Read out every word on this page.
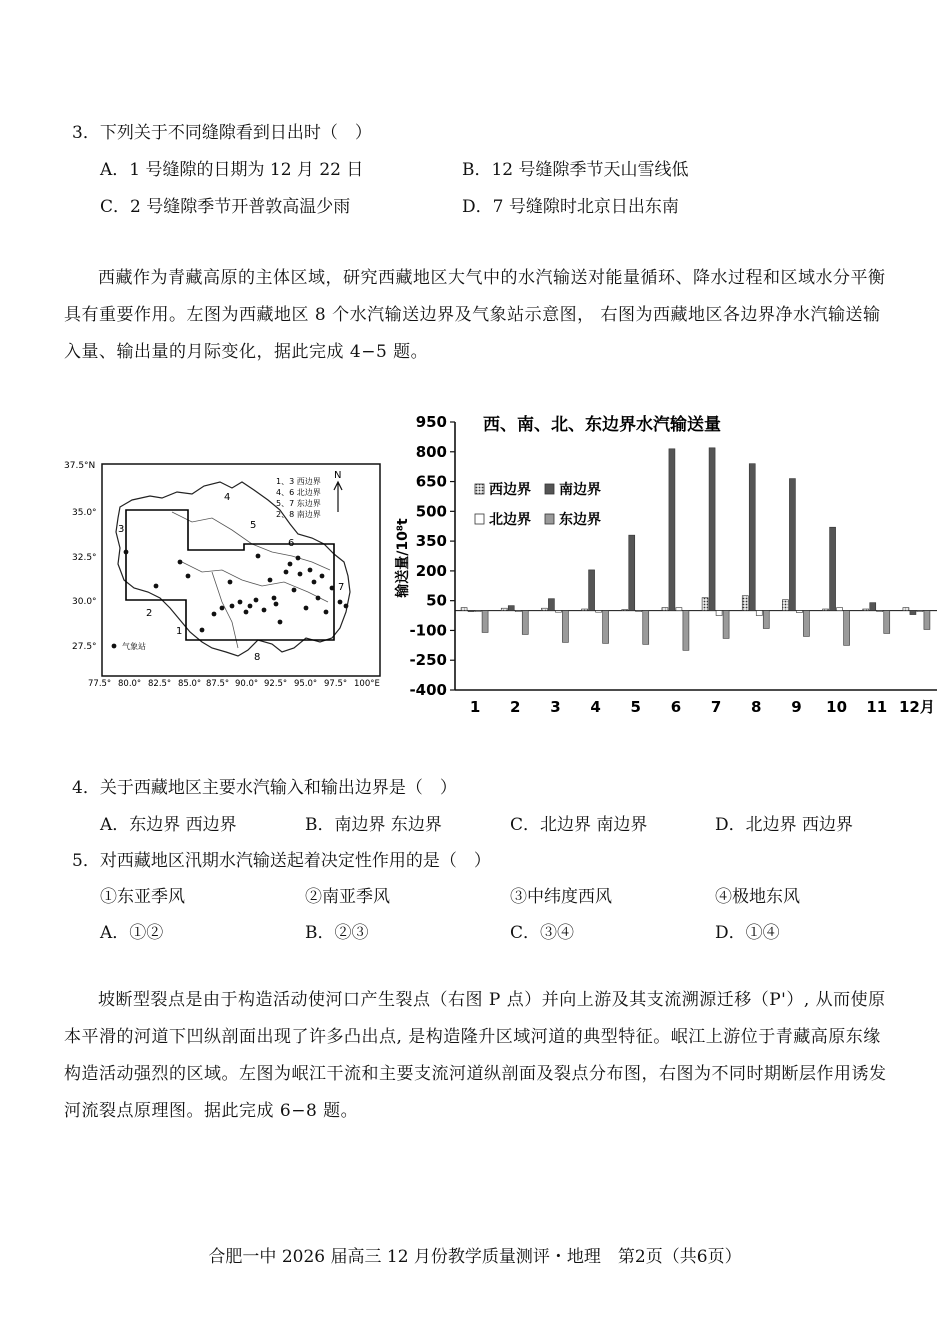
3．下列关于不同缝隙看到日出时（　）
A．1 号缝隙的日期为 12 月 22 日	B．12 号缝隙季节天山雪线低
C．2 号缝隙季节开普敦高温少雨	D．7 号缝隙时北京日出东南
西藏作为青藏高原的主体区域，研究西藏地区大气中的水汽输送对能量循环、降水过程和区域水分平衡具有重要作用。左图为西藏地区 8 个水汽输送边界及气象站示意图， 右图为西藏地区各边界净水汽输送输入量、输出量的月际变化，据此完成 4−5 题。
37.5°N
35.0°
32.5°
30.0°
27.5°
77.5° 80.0° 82.5° 85.0° 87.5° 90.0° 92.5° 95.0° 97.5° 100°E
3
2
1
4
5
6
7
8
1、3 西边界
4、6 北边界
5、7 东边界
2、8 南边界
N
气象站
950
800
650
500
350
200
50
-100
-250
-400
输送量/10⁸t
西、南、北、东边界水汽输送量
1 2 3 4 5 6 7 8 9 10 11 12月
西边界 南边界
北边界 东边界
4．关于西藏地区主要水汽输入和输出边界是（　）
A．东边界 西边界	B．南边界 东边界	C．北边界 南边界	D．北边界 西边界
5．对西藏地区汛期水汽输送起着决定性作用的是（　）
①东亚季风	②南亚季风	③中纬度西风	④极地东风
A．①②	B．②③	C．③④	D．①④
坡断型裂点是由于构造活动使河口产生裂点（右图 P 点）并向上游及其支流溯源迁移（P'）, 从而使原本平滑的河道下凹纵剖面出现了许多凸出点, 是构造隆升区域河道的典型特征。岷江上游位于青藏高原东缘构造活动强烈的区域。左图为岷江干流和主要支流河道纵剖面及裂点分布图，右图为不同时期断层作用诱发河流裂点原理图。据此完成 6−8 题。
合肥一中 2026 届高三 12 月份教学质量测评・地理　第2页（共6页）
